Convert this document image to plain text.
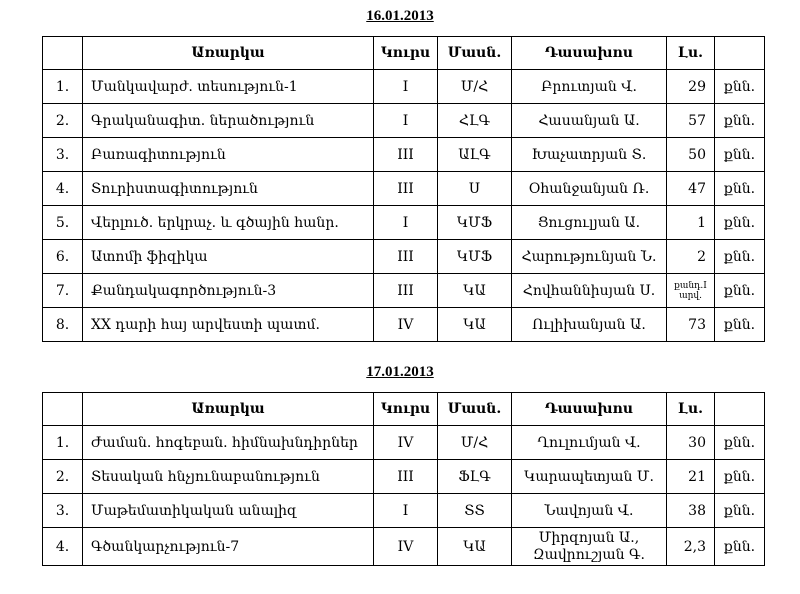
16.01.2013
	Առարկա	Կուրս	Մասն.	Դասախոս	Լս.	
1.	Մանկավարժ. տեսություն-1	I	Մ/Հ	Բրուտյան Վ.	29	քնն.
2.	Գրականագիտ. ներածություն	I	ՀԼԳ	Հասանյան Ա.	57	քնն.
3.	Բառագիտություն	III	ԱԼԳ	Խաչատրյան Տ.	50	քնն.
4.	Տուրիստագիտություն	III	Ս	Օհանջանյան Ռ.	47	քնն.
5.	Վերլուծ. երկրաչ. և գծային հանր.	I	ԿՄՖ	Ցուցուլյան Ա.	1	քնն.
6.	Ատոմի ֆիզիկա	III	ԿՄՖ	Հարությունյան Ն.	2	քնն.
7.	Քանդակագործություն-3	III	ԿԱ	Հովհաննիսյան Ս.	քանդ.I արվ.	քնն.
8.	XX դարի հայ արվեստի պատմ.	IV	ԿԱ	Ուլիխանյան Ա.	73	քնն.
17.01.2013
	Առարկա	Կուրս	Մասն.	Դասախոս	Լս.	
1.	Ժաման. հոգեբան. հիմնախնդիրներ	IV	Մ/Հ	Ղուլումյան Վ.	30	քնն.
2.	Տեսական հնչյունաբանություն	III	ՖԼԳ	Կարապետյան Մ.	21	քնն.
3.	Մաթեմատիկական անալիզ	I	ՏՏ	Նավոյան Վ.	38	քնն.
4.	Գծանկարչություն-7	IV	ԿԱ	Միրզոյան Ա., Զավրուշյան Գ.	2,3	քնն.
